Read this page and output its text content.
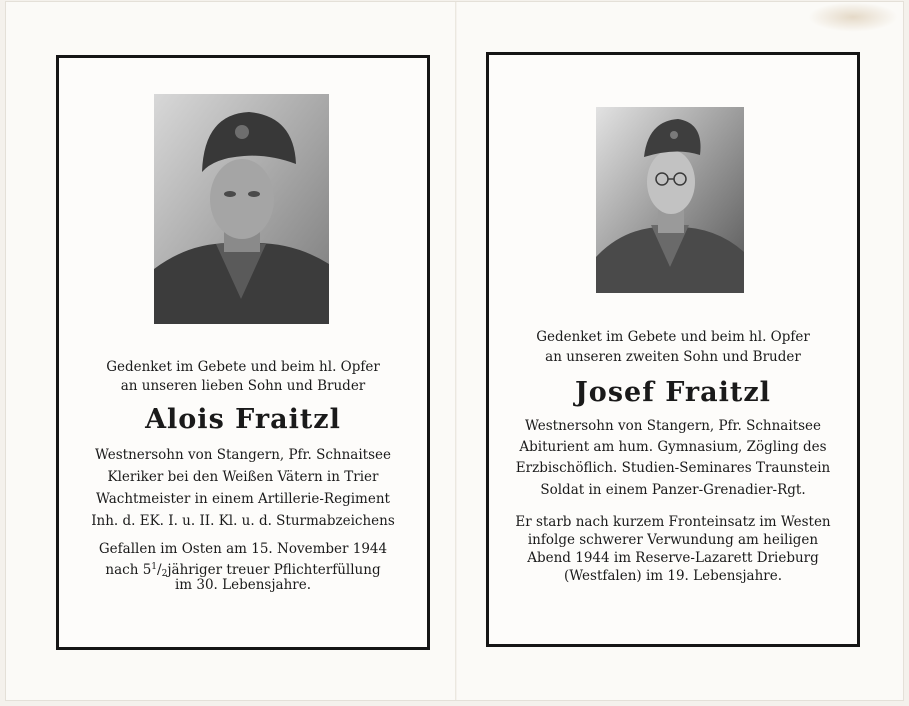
Gedenket im Gebete und beim hl. Opfer
an unseren lieben Sohn und Bruder
Alois Fraitzl
Westnersohn von Stangern, Pfr. Schnaitsee
Kleriker bei den Weißen Vätern in Trier
Wachtmeister in einem Artillerie-Regiment
Inh. d. EK. I. u. II. Kl. u. d. Sturmabzeichens
Gefallen im Osten am 15. November 1944
nach $5^1/_2jähriger$ treuer Pflichterfüllung
im 30. Lebensjahre.
Gedenket im Gebete und beim hl. Opfer
an unseren zweiten Sohn und Bruder
Josef Fraitzl
Westnersohn von Stangern, Pfr. Schnaitsee
Abiturient am hum. Gymnasium, Zögling des
Erzbischöflich. Studien-Seminares Traunstein
Soldat in einem Panzer-Grenadier-Rgt.
Er starb nach kurzem Fronteinsatz im Westen
infolge schwerer Verwundung am heiligen
Abend 1944 im Reserve-Lazarett Drieburg
(Westfalen) im 19. Lebensjahre.
